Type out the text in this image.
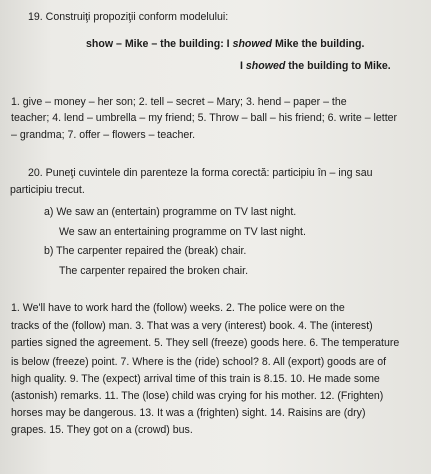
19. Construiţi propoziţii conform modelului:
show – Mike – the building: I showed Mike the building.
I showed the building to Mike.
1. give – money – her son; 2. tell – secret – Mary; 3. hend – paper – the
teacher; 4. lend – umbrella – my friend; 5. Throw – ball – his friend; 6. write – letter
– grandma; 7. offer – flowers – teacher.
20. Puneţi cuvintele din parenteze la forma corectă: participiu în – ing sau
participiu trecut.
a) We saw an (entertain) programme on TV last night.
We saw an entertaining programme on TV last night.
b) The carpenter repaired the (break) chair.
The carpenter repaired the broken chair.
1. We'll have to work hard the (follow) weeks. 2. The police were on the
tracks of the (follow) man. 3. That was a very (interest) book. 4. The (interest)
parties signed the agreement. 5. They sell (freeze) goods here. 6. The temperature
is below (freeze) point. 7. Where is the (ride) school? 8. All (export) goods are of
high quality. 9. The (expect) arrival time of this train is 8.15. 10. He made some
(astonish) remarks. 11. The (lose) child was crying for his mother. 12. (Frighten)
horses may be dangerous. 13. It was a (frighten) sight. 14. Raisins are (dry)
grapes. 15. They got on a (crowd) bus.
